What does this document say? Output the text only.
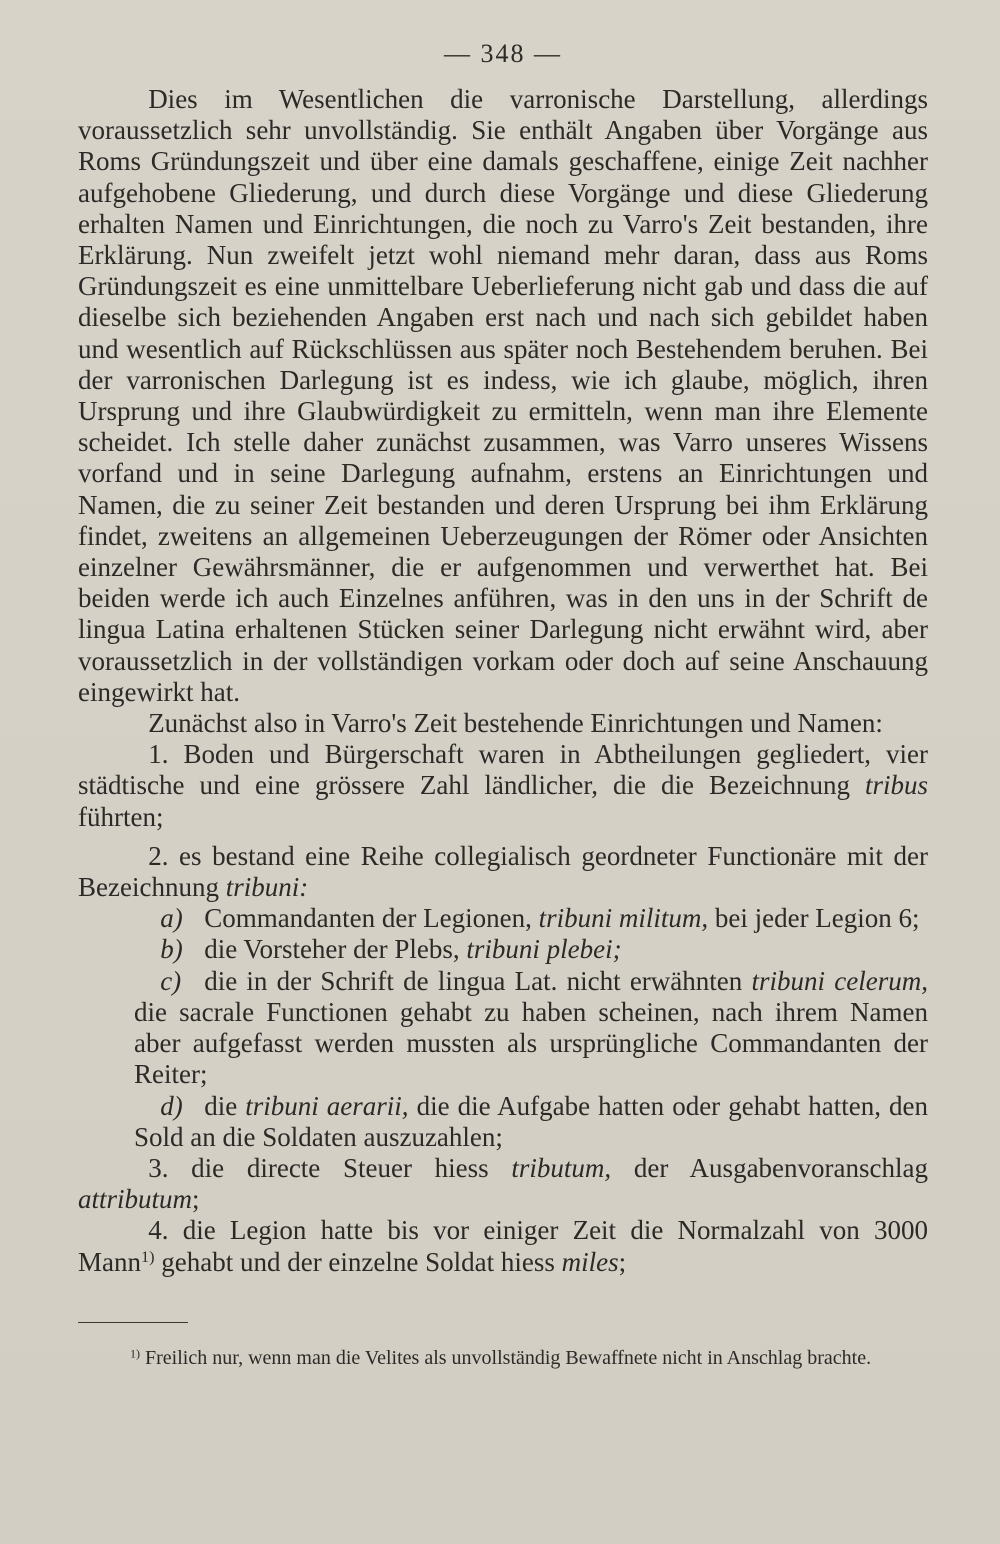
— 348 —

Dies im Wesentlichen die varronische Darstellung, allerdings voraussetzlich sehr unvollständig. Sie enthält Angaben über Vorgänge aus Roms Gründungszeit und über eine damals geschaffene, einige Zeit nachher aufgehobene Gliederung, und durch diese Vorgänge und diese Gliederung erhalten Namen und Einrichtungen, die noch zu Varro's Zeit bestanden, ihre Erklärung. Nun zweifelt jetzt wohl niemand mehr daran, dass aus Roms Gründungszeit es eine unmittelbare Ueberlieferung nicht gab und dass die auf dieselbe sich beziehenden Angaben erst nach und nach sich gebildet haben und wesentlich auf Rückschlüssen aus später noch Bestehendem beruhen. Bei der varronischen Darlegung ist es indess, wie ich glaube, möglich, ihren Ursprung und ihre Glaubwürdigkeit zu ermitteln, wenn man ihre Elemente scheidet. Ich stelle daher zunächst zusammen, was Varro unseres Wissens vorfand und in seine Darlegung aufnahm, erstens an Einrichtungen und Namen, die zu seiner Zeit bestanden und deren Ursprung bei ihm Erklärung findet, zweitens an allgemeinen Ueberzeugungen der Römer oder Ansichten einzelner Gewährsmänner, die er aufgenommen und verwerthet hat. Bei beiden werde ich auch Einzelnes anführen, was in den uns in der Schrift de lingua Latina erhaltenen Stücken seiner Darlegung nicht erwähnt wird, aber voraussetzlich in der vollständigen vorkam oder doch auf seine Anschauung eingewirkt hat.

Zunächst also in Varro's Zeit bestehende Einrichtungen und Namen:

1. Boden und Bürgerschaft waren in Abtheilungen gegliedert, vier städtische und eine grössere Zahl ländlicher, die die Bezeichnung tribus führten;

2. es bestand eine Reihe collegialisch geordneter Functionäre mit der Bezeichnung tribuni:

a) Commandanten der Legionen, tribuni militum, bei jeder Legion 6;

b) die Vorsteher der Plebs, tribuni plebei;

c) die in der Schrift de lingua Lat. nicht erwähnten tribuni celerum, die sacrale Functionen gehabt zu haben scheinen, nach ihrem Namen aber aufgefasst werden mussten als ursprüngliche Commandanten der Reiter;

d) die tribuni aerarii, die die Aufgabe hatten oder gehabt hatten, den Sold an die Soldaten auszuzahlen;

3. die directe Steuer hiess tributum, der Ausgabenvoranschlag attributum;

4. die Legion hatte bis vor einiger Zeit die Normalzahl von 3000 Mann$^{1)}$ gehabt und der einzelne Soldat hiess miles;

$^{1)}$ Freilich nur, wenn man die Velites als unvollständig Bewaffnete nicht in Anschlag brachte.
